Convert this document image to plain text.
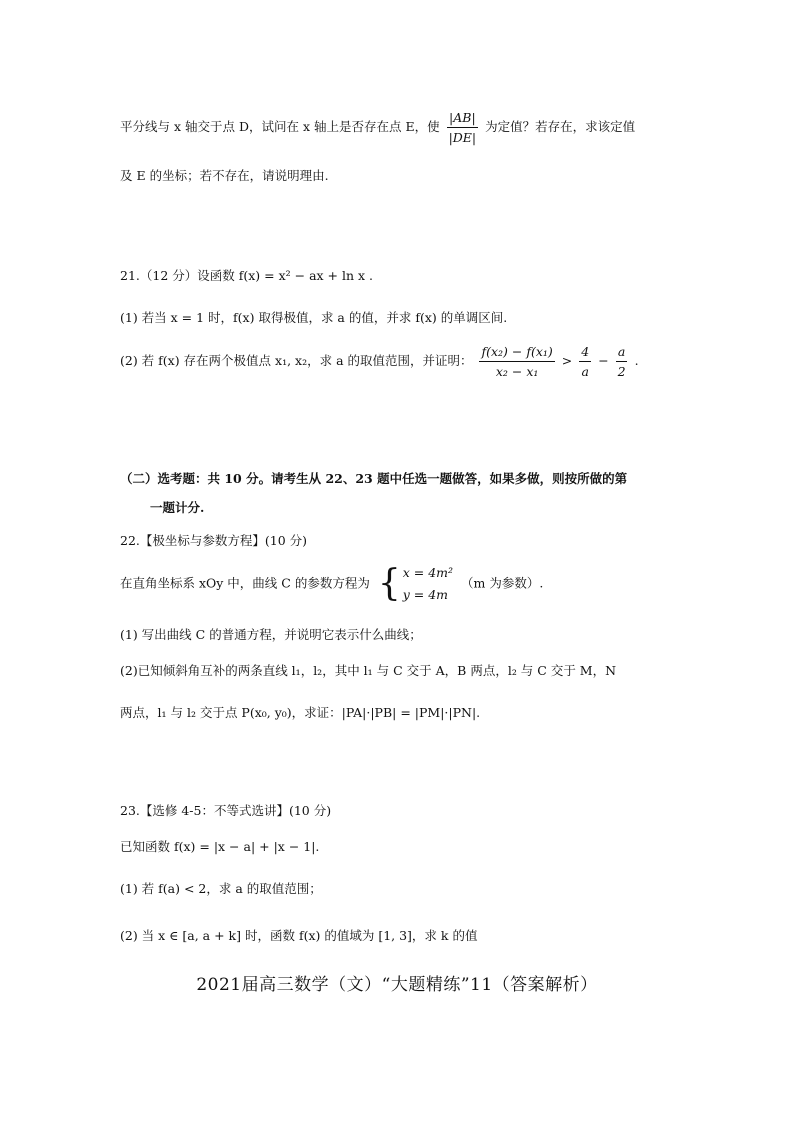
平分线与 x 轴交于点 D，试问在 x 轴上是否存在点 E，使 $\frac{|AB|}{|DE|}$ 为定值？若存在，求该定值
及 E 的坐标；若不存在，请说明理由.
21.（12 分）设函数 f(x) = x² − ax + ln x .
(1) 若当 x = 1 时，f(x) 取得极值，求 a 的值，并求 f(x) 的单调区间.
(2) 若 f(x) 存在两个极值点 x₁, x₂，求 a 的取值范围，并证明： $\frac{\text{f(x₂) − f(x₁)}}{\text{x₂ − x₁}} > \frac{4}{a} - \frac{a}{2}$ .
（二）选考题：共 10 分。请考生从 22、23 题中任选一题做答，如果多做，则按所做的第
一题计分.
22.【极坐标与参数方程】(10 分)
在直角坐标系 xOy 中，曲线 C 的参数方程为 { x = 4m²
y = 4m
（m 为参数）.
(1) 写出曲线 C 的普通方程，并说明它表示什么曲线；
(2)已知倾斜角互补的两条直线 l₁，l₂，其中 l₁ 与 C 交于 A，B 两点，l₂ 与 C 交于 M，N
两点，l₁ 与 l₂ 交于点 P(x₀, y₀)，求证：|PA|·|PB| = |PM|·|PN|.
23.【选修 4-5：不等式选讲】(10 分)
已知函数 f(x) = |x − a| + |x − 1|.
(1) 若 f(a) < 2，求 a 的取值范围；
(2) 当 x ∈ [a, a + k] 时，函数 f(x) 的值域为 [1, 3]，求 k 的值
2021届高三数学（文）“大题精练”11（答案解析）
